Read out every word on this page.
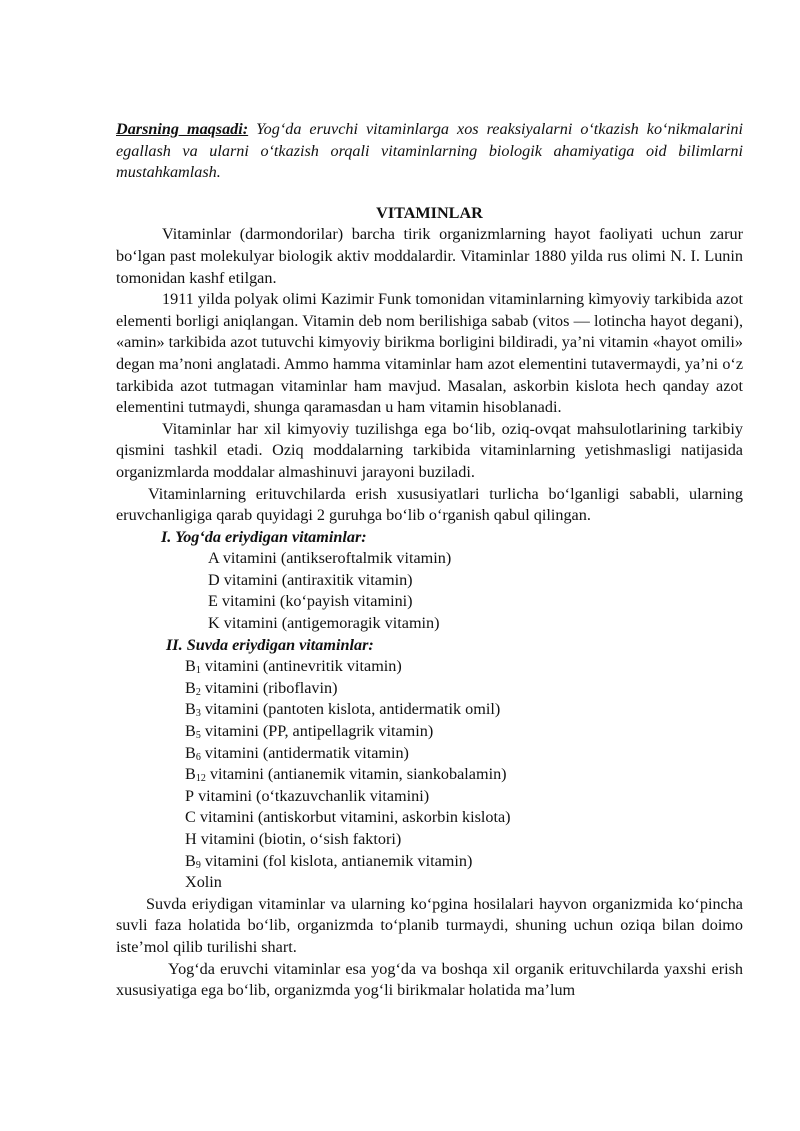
Darsning maqsadi: Yog‘da eruvchi vitaminlarga xos reaksiyalarni o‘tkazish ko‘nikmalarini egallash va ularni o‘tkazish orqali vitaminlarning biologik ahamiyatiga oid bilimlarni mustahkamlash.

VITAMINLAR

Vitaminlar (darmondorilar) barcha tirik organizmlarning hayot faoliyati uchun zarur bo‘lgan past molekulyar biologik aktiv moddalardir. Vitaminlar 1880 yilda rus olimi N. I. Lunin tomonidan kashf etilgan.

1911 yilda polyak olimi Kazimir Funk tomonidan vitaminlarning kìmyoviy tarkibida azot elementi borligi aniqlangan. Vitamin deb nom berilishiga sabab (vitos — lotincha hayot degani), «amin» tarkibida azot tutuvchi kimyoviy birikma borligini bildiradi, ya’ni vitamin «hayot omili» degan ma’noni anglatadi. Ammo hamma vitaminlar ham azot elementini tutavermaydi, ya’ni o‘z tarkibida azot tutmagan vitaminlar ham mavjud. Masalan, askorbin kislota hech qanday azot elementini tutmaydi, shunga qaramasdan u ham vitamin hisoblanadi.

Vitaminlar har xil kimyoviy tuzilishga ega bo‘lib, oziq-ovqat mahsulotlarining tarkibiy qismini tashkil etadi. Oziq moddalarning tarkibida vitaminlarning yetishmasligi natijasida organizmlarda moddalar almashinuvi jarayoni buziladi.

Vitaminlarning erituvchilarda erish xususiyatlari turlicha bo‘lganligi sababli, ularning eruvchanligiga qarab quyidagi 2 guruhga bo‘lib o‘rganish qabul qilingan.

I. Yog‘da eriydigan vitaminlar:
A vitamini (antikseroftalmik vitamin)
D vitamini (antiraxitik vitamin)
E vitamini (ko‘payish vitamini)
K vitamini (antigemoragik vitamin)
II. Suvda eriydigan vitaminlar:
$B_1$ vitamini (antinevritik vitamin)
$B_2$ vitamini (riboflavin)
$B_3$ vitamini (pantoten kislota, antidermatik omil)
$B_5$ vitamini (PP, antipellagrik vitamin)
$B_6$ vitamini (antidermatik vitamin)
$B_{12}$ vitamini (antianemik vitamin, siankobalamin)
P vitamini (o‘tkazuvchanlik vitamini)
C vitamini (antiskorbut vitamini, askorbin kislota)
H vitamini (biotin, o‘sish faktori)
$B_9$ vitamini (fol kislota, antianemik vitamin)
Xolin

Suvda eriydigan vitaminlar va ularning ko‘pgina hosilalari hayvon organizmida ko‘pincha suvli faza holatida bo‘lib, organizmda to‘planib turmaydi, shuning uchun oziqa bilan doimo iste’mol qilib turilishi shart.

Yog‘da eruvchi vitaminlar esa yog‘da va boshqa xil organik erituvchilarda yaxshi erish xususiyatiga ega bo‘lib, organizmda yog‘li birikmalar holatida ma’lum
